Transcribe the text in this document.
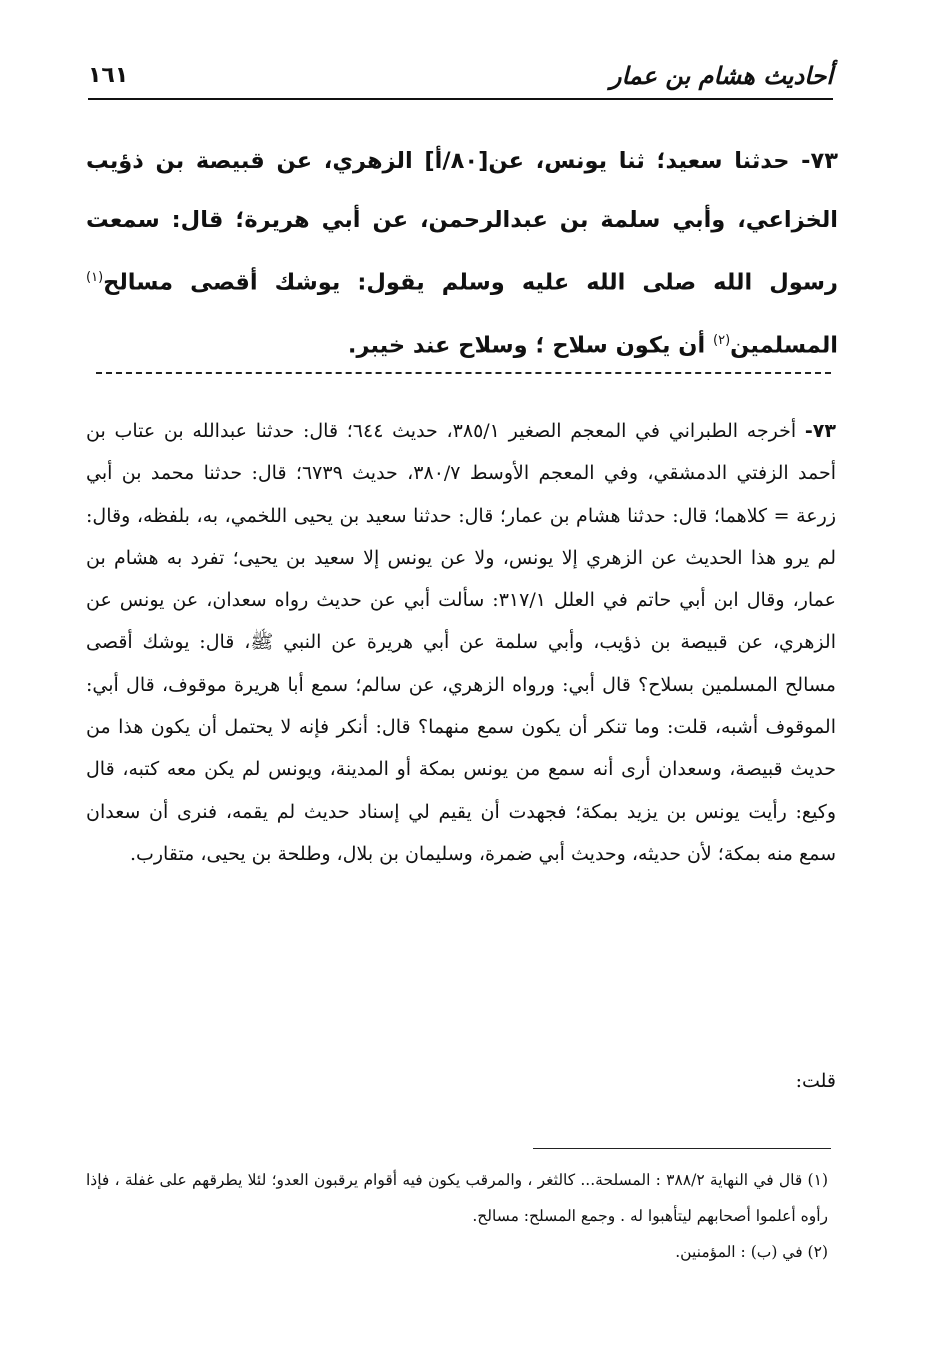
أحاديث هشام بن عمار
١٦١
٧٣- حدثنا سعيد؛ ثنا يونس، عن[٨٠/أ] الزهري، عن قبيصة بن ذؤيب الخزاعي، وأبي سلمة بن عبدالرحمن، عن أبي هريرة؛ قال: سمعت رسول الله صلى الله عليه وسلم يقول: يوشك أقصى مسالح$^{(١)}$ المسلمين$^{(٢)}$ أن يكون سلاح ؛ وسلاح عند خيبر.
٧٣- أخرجه الطبراني في المعجم الصغير ٣٨٥/١، حديث ٦٤٤؛ قال: حدثنا عبدالله بن عتاب بن أحمد الزفتي الدمشقي، وفي المعجم الأوسط ٣٨٠/٧، حديث ٦٧٣٩؛ قال: حدثنا محمد بن أبي زرعة = كلاهما؛ قال: حدثنا هشام بن عمار؛ قال: حدثنا سعيد بن يحيى اللخمي، به، بلفظه، وقال: لم يرو هذا الحديث عن الزهري إلا يونس، ولا عن يونس إلا سعيد بن يحيى؛ تفرد به هشام بن عمار، وقال ابن أبي حاتم في العلل ٣١٧/١: سألت أبي عن حديث رواه سعدان، عن يونس عن الزهري، عن قبيصة بن ذؤيب، وأبي سلمة عن أبي هريرة عن النبي ﷺ، قال: يوشك أقصى مسالح المسلمين بسلاح؟ قال أبي: ورواه الزهري، عن سالم؛ سمع أبا هريرة موقوف، قال أبي: الموقوف أشبه، قلت: وما تنكر أن يكون سمع منهما؟ قال: أنكر فإنه لا يحتمل أن يكون هذا من حديث قبيصة، وسعدان أرى أنه سمع من يونس بمكة أو المدينة، ويونس لم يكن معه كتبه، قال وكيع: رأيت يونس بن يزيد بمكة؛ فجهدت أن يقيم لي إسناد حديث لم يقمه، فنرى أن سعدان سمع منه بمكة؛ لأن حديثه، وحديث أبي ضمرة، وسليمان بن بلال، وطلحة بن يحيى، متقارب.
قلت:

(١) قال في النهاية ٣٨٨/٢ : المسلحة... كالثغر ، والمرقب يكون فيه أقوام يرقبون العدو؛ لئلا يطرقهم على غفلة ، فإذا رأوه أعلموا أصحابهم ليتأهبوا له . وجمع المسلح: مسالح.

(٢) في (ب) : المؤمنين.
